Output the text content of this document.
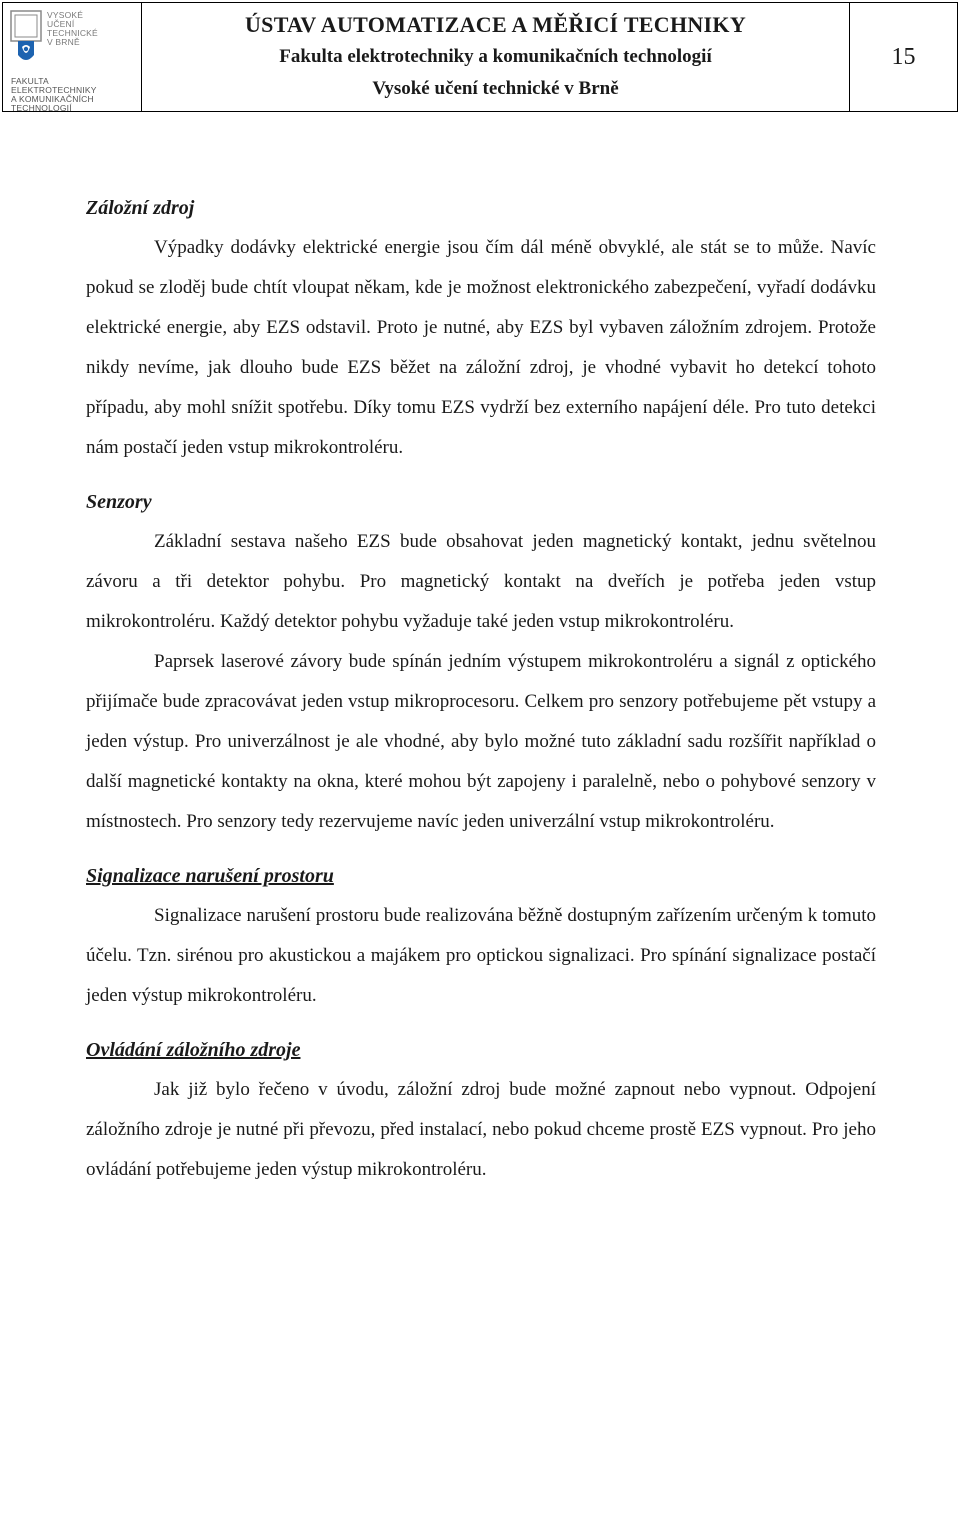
VYSOKÉ
UČENÍ
TECHNICKÉ
V BRNĚ
FAKULTA
ELEKTROTECHNIKY
A KOMUNIKAČNÍCH
TECHNOLOGIÍ
ÚSTAV AUTOMATIZACE A MĚŘICÍ TECHNIKY
Fakulta elektrotechniky a komunikačních technologií
Vysoké učení technické v Brně
15
Záložní zdroj

Výpadky dodávky elektrické energie jsou čím dál méně obvyklé, ale stát se to může. Navíc pokud se zloděj bude chtít vloupat někam, kde je možnost elektronického zabezpečení, vyřadí dodávku elektrické energie, aby EZS odstavil. Proto je nutné, aby EZS byl vybaven záložním zdrojem. Protože nikdy nevíme, jak dlouho bude EZS běžet na záložní zdroj, je vhodné vybavit ho detekcí tohoto případu, aby mohl snížit spotřebu. Díky tomu EZS vydrží bez externího napájení déle. Pro tuto detekci nám postačí jeden vstup mikrokontroléru.

Senzory

Základní sestava našeho EZS bude obsahovat jeden magnetický kontakt, jednu světelnou závoru a tři detektor pohybu. Pro magnetický kontakt na dveřích je potřeba jeden vstup mikrokontroléru. Každý detektor pohybu vyžaduje také jeden vstup mikrokontroléru.

Paprsek laserové závory bude spínán jedním výstupem mikrokontroléru a signál z optického přijímače bude zpracovávat jeden vstup mikroprocesoru. Celkem pro senzory potřebujeme pět vstupy a jeden výstup. Pro univerzálnost je ale vhodné, aby bylo možné tuto základní sadu rozšířit například o další magnetické kontakty na okna, které mohou být zapojeny i paralelně, nebo o pohybové senzory v místnostech. Pro senzory tedy rezervujeme navíc jeden univerzální vstup mikrokontroléru.

Signalizace narušení prostoru

Signalizace narušení prostoru bude realizována běžně dostupným zařízením určeným k tomuto účelu. Tzn. sirénou pro akustickou a majákem pro optickou signalizaci. Pro spínání signalizace postačí jeden výstup mikrokontroléru.

Ovládání záložního zdroje

Jak již bylo řečeno v úvodu, záložní zdroj bude možné zapnout nebo vypnout. Odpojení záložního zdroje je nutné při převozu, před instalací, nebo pokud chceme prostě EZS vypnout. Pro jeho ovládání potřebujeme jeden výstup mikrokontroléru.
